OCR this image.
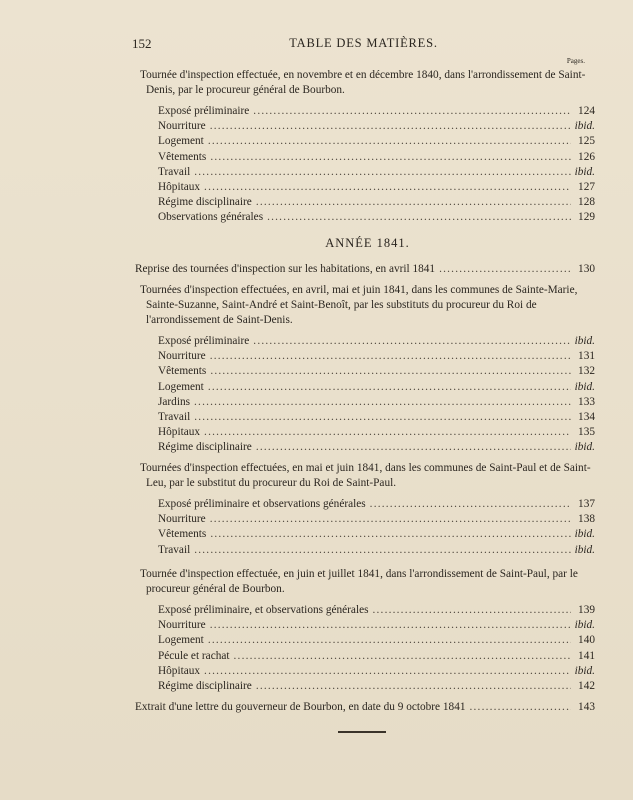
152	TABLE DES MATIÈRES.
Pages.
Tournée d'inspection effectuée, en novembre et en décembre 1840, dans l'arrondissement de Saint-Denis, par le procureur général de Bourbon.
Exposé préliminaire .....	124
Nourriture .....	ibid.
Logement .....	125
Vêtements .....	126
Travail .....	ibid.
Hôpitaux .....	127
Régime disciplinaire .....	128
Observations générales .....	129
ANNÉE 1841.
Reprise des tournées d'inspection sur les habitations, en avril 1841 .....	130
Tournées d'inspection effectuées, en avril, mai et juin 1841, dans les communes de Sainte-Marie, Sainte-Suzanne, Saint-André et Saint-Benoît, par les substituts du procureur du Roi de l'arrondissement de Saint-Denis.
Exposé préliminaire .....	ibid.
Nourriture .....	131
Vêtements .....	132
Logement .....	ibid.
Jardins .....	133
Travail .....	134
Hôpitaux .....	135
Régime disciplinaire .....	ibid.
Tournées d'inspection effectuées, en mai et juin 1841, dans les communes de Saint-Paul et de Saint-Leu, par le substitut du procureur du Roi de Saint-Paul.
Exposé préliminaire et observations générales .....	137
Nourriture .....	138
Vêtements .....	ibid.
Travail .....	ibid.
Tournée d'inspection effectuée, en juin et juillet 1841, dans l'arrondissement de Saint-Paul, par le procureur général de Bourbon.
Exposé préliminaire, et observations générales .....	139
Nourriture .....	ibid.
Logement .....	140
Pécule et rachat .....	141
Hôpitaux .....	ibid.
Régime disciplinaire .....	142
Extrait d'une lettre du gouverneur de Bourbon, en date du 9 octobre 1841 .....	143
